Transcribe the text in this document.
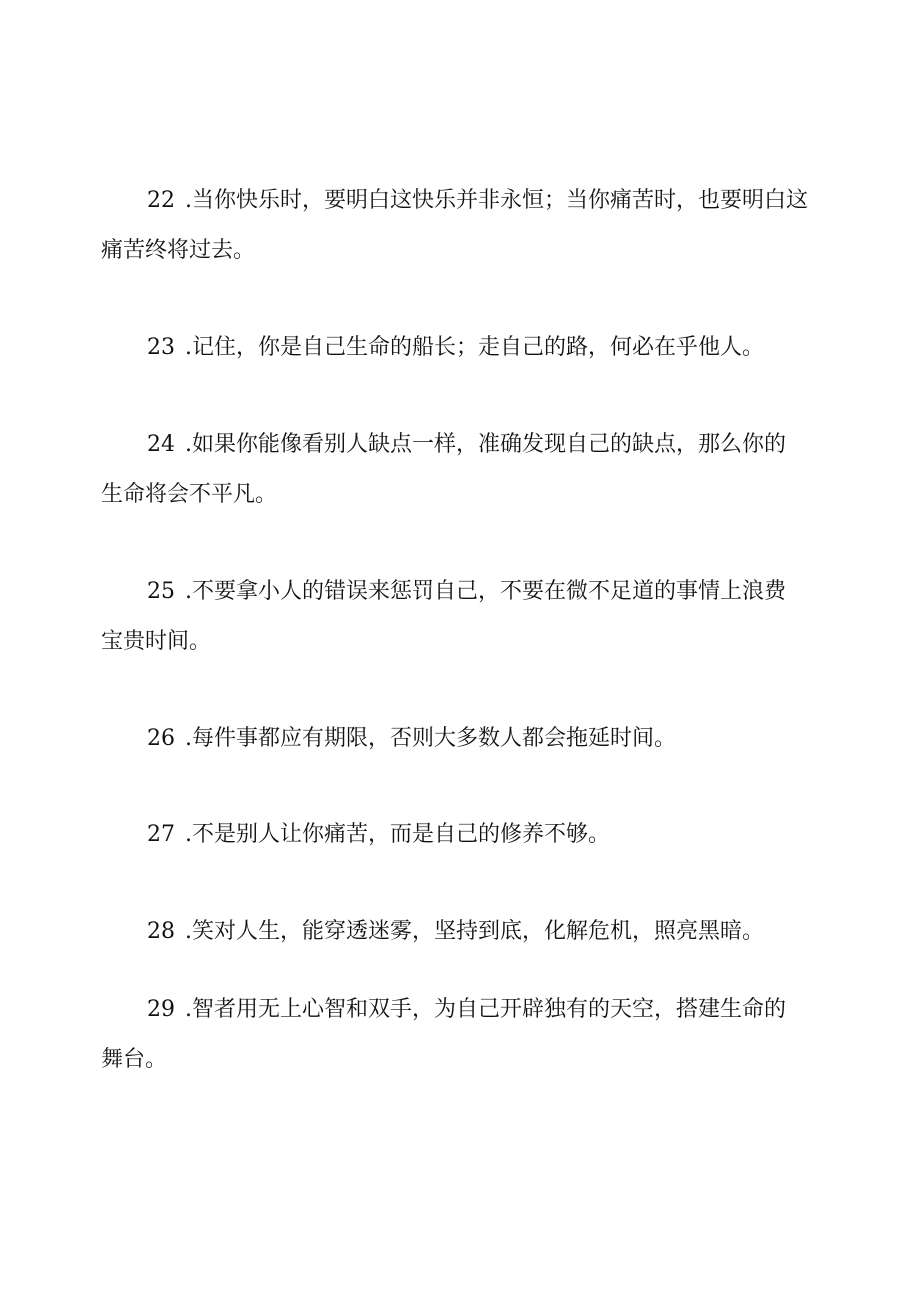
22 .当你快乐时，要明白这快乐并非永恒；当你痛苦时，也要明白这
痛苦终将过去。

23 .记住，你是自己生命的船长；走自己的路，何必在乎他人。

24 .如果你能像看别人缺点一样，准确发现自己的缺点，那么你的
生命将会不平凡。

25 .不要拿小人的错误来惩罚自己，不要在微不足道的事情上浪费
宝贵时间。

26 .每件事都应有期限，否则大多数人都会拖延时间。

27 .不是别人让你痛苦，而是自己的修养不够。

28 .笑对人生，能穿透迷雾，坚持到底，化解危机，照亮黑暗。

29 .智者用无上心智和双手，为自己开辟独有的天空，搭建生命的
舞台。
